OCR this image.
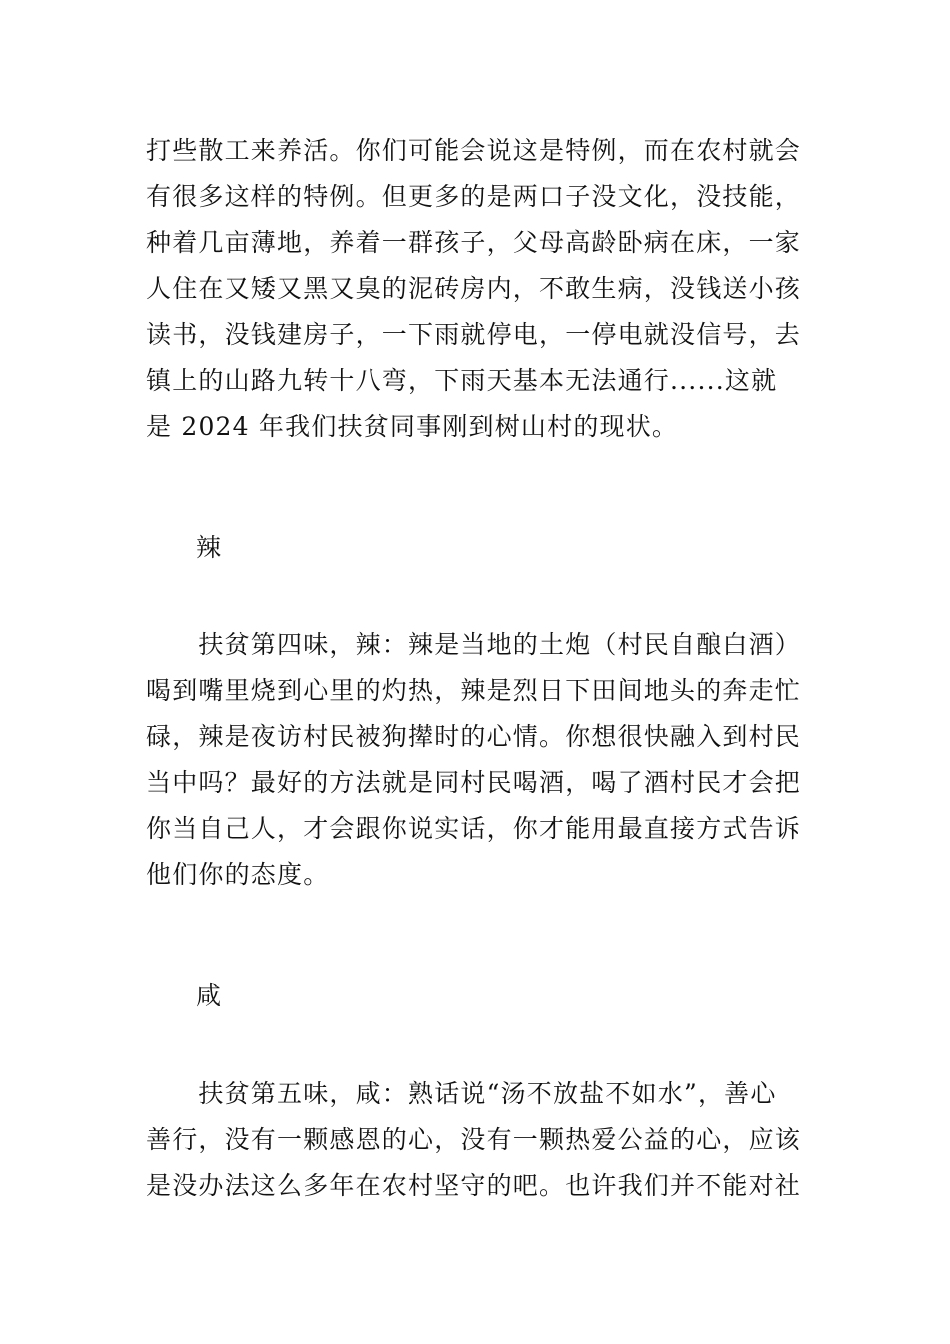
打些散工来养活。你们可能会说这是特例，而在农村就会
有很多这样的特例。但更多的是两口子没文化，没技能，
种着几亩薄地，养着一群孩子，父母高龄卧病在床，一家
人住在又矮又黑又臭的泥砖房内，不敢生病，没钱送小孩
读书，没钱建房子，一下雨就停电，一停电就没信号，去
镇上的山路九转十八弯，下雨天基本无法通行......这就
是 2024 年我们扶贫同事刚到树山村的现状。
辣
　　扶贫第四味，辣：辣是当地的土炮（村民自酿白酒）
喝到嘴里烧到心里的灼热，辣是烈日下田间地头的奔走忙
碌，辣是夜访村民被狗撵时的心情。你想很快融入到村民
当中吗？最好的方法就是同村民喝酒，喝了酒村民才会把
你当自己人，才会跟你说实话，你才能用最直接方式告诉
他们你的态度。
咸
　　扶贫第五味，咸：熟话说“汤不放盐不如水”，善心
善行，没有一颗感恩的心，没有一颗热爱公益的心，应该
是没办法这么多年在农村坚守的吧。也许我们并不能对社
